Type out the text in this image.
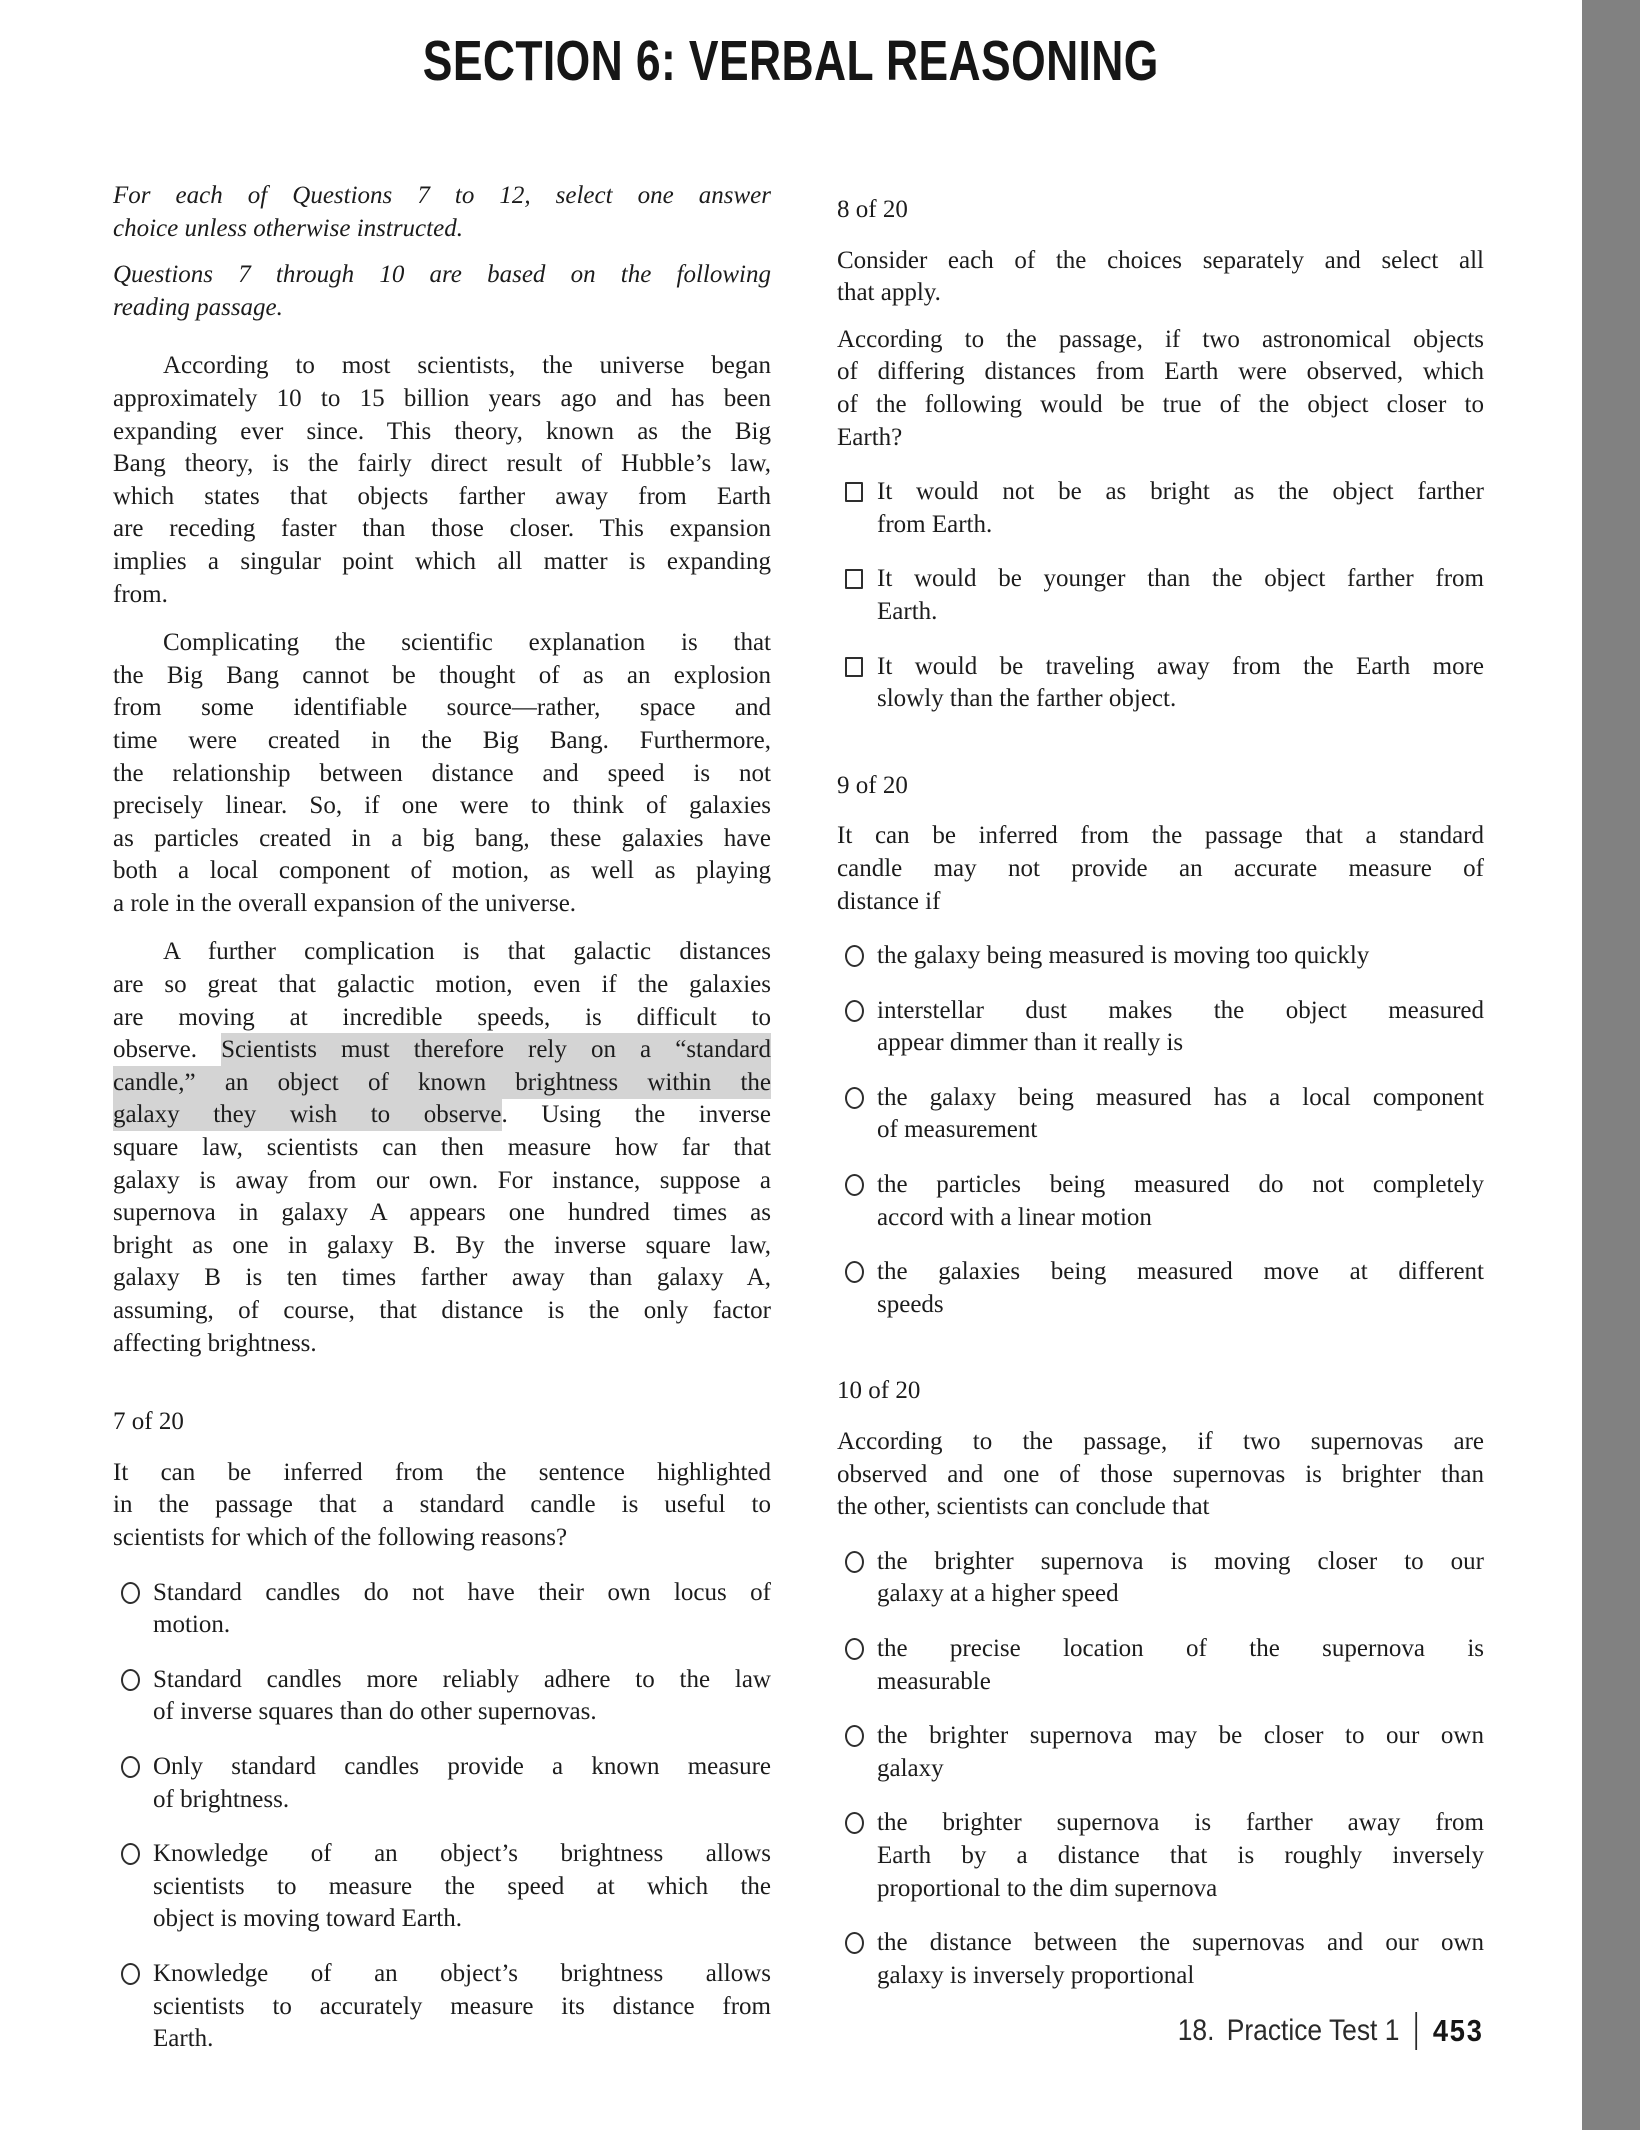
SECTION 6: VERBAL REASONING
For each of Questions 7 to 12, select one answer
choice unless otherwise instructed.
Questions 7 through 10 are based on the following
reading passage.
According to most scientists, the universe began
approximately 10 to 15 billion years ago and has been
expanding ever since. This theory, known as the Big
Bang theory, is the fairly direct result of Hubble’s law,
which states that objects farther away from Earth
are receding faster than those closer. This expansion
implies a singular point which all matter is expanding
from.
Complicating the scientific explanation is that
the Big Bang cannot be thought of as an explosion
from some identifiable source—rather, space and
time were created in the Big Bang. Furthermore,
the relationship between distance and speed is not
precisely linear. So, if one were to think of galaxies
as particles created in a big bang, these galaxies have
both a local component of motion, as well as playing
a role in the overall expansion of the universe.
A further complication is that galactic distances
are so great that galactic motion, even if the galaxies
are moving at incredible speeds, is difficult to
observe. Scientists must therefore rely on a “standard
candle,” an object of known brightness within the
galaxy they wish to observe. Using the inverse
square law, scientists can then measure how far that
galaxy is away from our own. For instance, suppose a
supernova in galaxy A appears one hundred times as
bright as one in galaxy B. By the inverse square law,
galaxy B is ten times farther away than galaxy A,
assuming, of course, that distance is the only factor
affecting brightness.
7 of 20
It can be inferred from the sentence highlighted
in the passage that a standard candle is useful to
scientists for which of the following reasons?
Standard candles do not have their own locus of
motion.
Standard candles more reliably adhere to the law
of inverse squares than do other supernovas.
Only standard candles provide a known measure
of brightness.
Knowledge of an object’s brightness allows
scientists to measure the speed at which the
object is moving toward Earth.
Knowledge of an object’s brightness allows
scientists to accurately measure its distance from
Earth.
8 of 20
Consider each of the choices separately and select all
that apply.
According to the passage, if two astronomical objects
of differing distances from Earth were observed, which
of the following would be true of the object closer to
Earth?
It would not be as bright as the object farther
from Earth.
It would be younger than the object farther from
Earth.
It would be traveling away from the Earth more
slowly than the farther object.
9 of 20
It can be inferred from the passage that a standard
candle may not provide an accurate measure of
distance if
the galaxy being measured is moving too quickly
interstellar dust makes the object measured
appear dimmer than it really is
the galaxy being measured has a local component
of measurement
the particles being measured do not completely
accord with a linear motion
the galaxies being measured move at different
speeds
10 of 20
According to the passage, if two supernovas are
observed and one of those supernovas is brighter than
the other, scientists can conclude that
the brighter supernova is moving closer to our
galaxy at a higher speed
the precise location of the supernova is
measurable
the brighter supernova may be closer to our own
galaxy
the brighter supernova is farther away from
Earth by a distance that is roughly inversely
proportional to the dim supernova
the distance between the supernovas and our own
galaxy is inversely proportional
18. Practice Test 1 453
